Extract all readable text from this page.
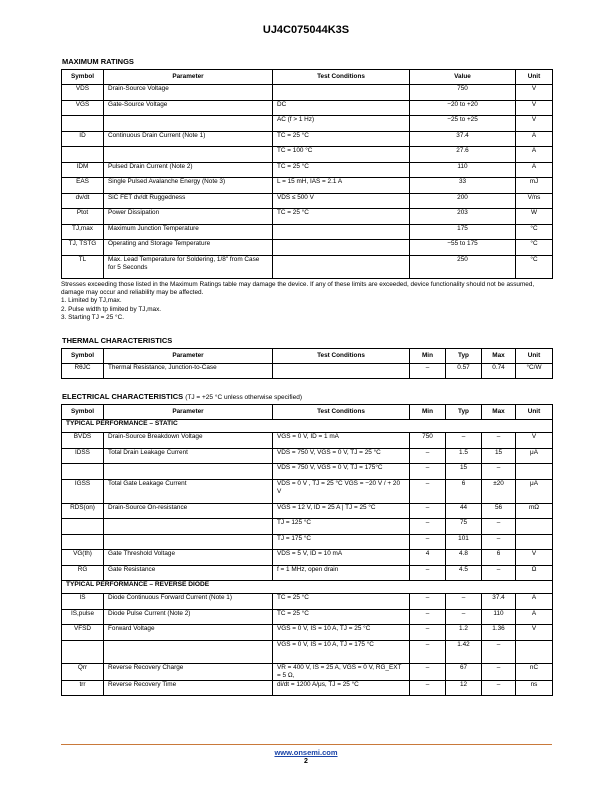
UJ4C075044K3S
MAXIMUM RATINGS
Symbol	Parameter	Test Conditions	Value	Unit
VDS	Drain-Source Voltage		750	V
VGS	Gate-Source Voltage	DC	−20 to +20	V
		AC (f > 1 Hz)	−25 to +25	V
ID	Continuous Drain Current (Note 1)	TC = 25 °C	37.4	A
		TC = 100 °C	27.6	A
IDM	Pulsed Drain Current (Note 2)	TC = 25 °C	110	A
EAS	Single Pulsed Avalanche Energy (Note 3)	L = 15 mH, IAS = 2.1 A	33	mJ
dv/dt	SiC FET dv/dt Ruggedness	VDS ≤ 500 V	200	V/ns
Ptot	Power Dissipation	TC = 25 °C	203	W
TJ,max	Maximum Junction Temperature		175	°C
TJ, TSTG	Operating and Storage Temperature		−55 to 175	°C
TL	Max. Lead Temperature for Soldering, 1/8" from Case for 5 Seconds		250	°C
Stresses exceeding those listed in the Maximum Ratings table may damage the device. If any of these limits are exceeded, device functionality should not be assumed, damage may occur and reliability may be affected.
1. Limited by TJ,max.
2. Pulse width tp limited by TJ,max.
3. Starting TJ = 25 °C.
THERMAL CHARACTERISTICS
Symbol	Parameter	Test Conditions	Min	Typ	Max	Unit
RθJC	Thermal Resistance, Junction-to-Case		–	0.57	0.74	°C/W
ELECTRICAL CHARACTERISTICS (TJ = +25 °C unless otherwise specified)
Symbol	Parameter	Test Conditions	Min	Typ	Max	Unit
TYPICAL PERFORMANCE – STATIC						
BVDS	Drain-Source Breakdown Voltage	VGS = 0 V, ID = 1 mA	750	–	–	V
IDSS	Total Drain Leakage Current	VDS = 750 V, VGS = 0 V, TJ = 25 °C	–	1.5	15	μA
		VDS = 750 V, VGS = 0 V, TJ = 175°C	–	15	–	
IGSS	Total Gate Leakage Current	VDS = 0 V , TJ = 25 °C VGS = −20 V / + 20 V	–	6	±20	μA
RDS(on)	Drain-Source On-resistance	VGS = 12 V, ID = 25 A | TJ = 25 °C	–	44	56	mΩ
		TJ = 125 °C	–	75	–	
		TJ = 175 °C	–	101	–	
VG(th)	Gate Threshold Voltage	VDS = 5 V, ID = 10 mA	4	4.8	6	V
RG	Gate Resistance	f = 1 MHz, open drain	–	4.5	–	Ω
TYPICAL PERFORMANCE – REVERSE DIODE						
IS	Diode Continuous Forward Current (Note 1)	TC = 25 °C	–	–	37.4	A
IS,pulse	Diode Pulse Current (Note 2)	TC = 25 °C	–	–	110	A
VFSD	Forward Voltage	VGS = 0 V, IS = 10 A, TJ = 25 °C	–	1.2	1.36	V
		VGS = 0 V, IS = 10 A, TJ = 175 °C	–	1.42	–	
Qrr	Reverse Recovery Charge	VR = 400 V, IS = 25 A, VGS = 0 V, RG_EXT = 5 Ω,	–	67	–	nC
trr	Reverse Recovery Time	di/dt = 1200 A/μs, TJ = 25 °C	–	12	–	ns
www.onsemi.com
2
